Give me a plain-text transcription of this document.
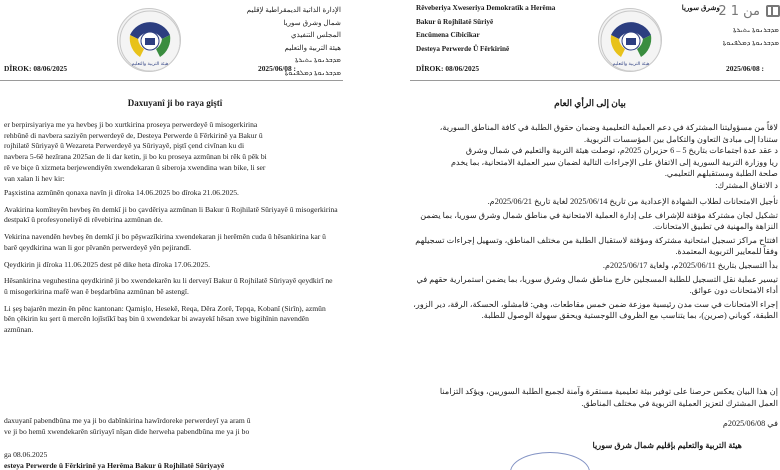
الإدارة الذاتية الديمقراطية لإقليم شمال وشرق سوريا
المجلس التنفيذي
هيئة التربية والتعليم
ܡܕܒܪܢܘܬܐ ܝܬܝܪܬܐ
ܡܕܒܪܢܘܬܐ ܕܡܠܦܢܘܬܐ
هيئة التربية والتعليم
DÎROK: 08/06/2025	2025/06/08 :
Daxuyanî ji bo raya giştî
er berpirsiyariya me ya hevbeş ji bo xurtkirina proseya perwerdeyê û misogerkirina
rehbûnê di navbera saziyên perwerdeyê de, Desteya Perwerde û Fêrkirinê ya Bakur û
rojhilatê Sûriyayê û Wezareta Perwerdeyê ya Sûriyayê, piştî çend civînan ku di
navbera 5-6ê hezîrana 2025an de li dar ketin, ji bo ku proseya azmûnan bi rêk û pêk bi
rê ve biçe û xizmeta berjewendiyên xwendekaran û siberoja xwendina wan bike, li ser
van xalan li hev kir:
Paşxistina azmûnên qonaxa navîn ji dîroka 14.06.2025 bo dîroka 21.06.2025.
Avakirina komîteyên hevbeş ên demkî ji bo çavdêriya azmûnan li Bakur û Rojhilatê Sûriyayê û misogerkirina destpakî û profesyoneliyê di rêvebirina azmûnan de.
Vekirina navendên hevbeş ên demkî ji bo pêşwazîkirina xwendekaran ji herêmên cuda û hêsankirina kar û barê qeydkirina wan li gor pîvanên perwerdeyê yên pejirandî.
Qeydkirin ji dîroka 11.06.2025 dest pê dike heta dîroka 17.06.2025.
Hêsankirina veguhestina qeydkirinê ji bo xwendekarên ku li derveyî Bakur û Rojhilatê Sûriyayê qeydkirî ne û misogerkirina mafê wan ê beşdarbûna azmûnan bê astengî.
Li şeş bajarên mezin ên pênc kantonan: Qamişlo, Hesekê, Reqa, Dêra Zorê, Tepqa, Kobanî (Sirîn), azmûn bên çêkirin ku şert û mercên lojîstîkî baş bin û xwendekar bi awayekî hêsan xwe bigihînin navendên azmûnan.
daxuyanî pabendbûna me ya ji bo dabînkirina hawîrdoreke perwerdeyî ya aram û
ve ji bo hemû xwendekarên sûriyayî nîşan dide herweha pabendbûna me ya ji bo
ga 08.06.2025
esteya Perwerde û Fêrkirinê ya Herêma Bakur û Rojhilatê Sûriyayê
Rêveberiya Xweseriya Demokratîk a Herêma
Bakur û Rojhilatê Sûriyê
Encûmena Cîbicîkar
Desteya Perwerde Û Fêrkirinê
هيئة التربية والتعليم
ܡܕܒܪܢܘܬܐ ܝܬܝܪܬܐ
ܡܕܒܪܢܘܬܐ ܕܡܠܦܢܘܬܐ
وشرق سوريا
2 من 1
DÎROK: 08/06/2025	2025/06/08 :
بيان إلى الرأي العام
لاقاً من مسؤوليتنا المشتركة في دعم العملية التعليمية وضمان حقوق الطلبة في كافة المناطق السورية،
ستنادا إلى مبادئ التعاون والتكامل بين المؤسسات التربوية.
د عقد عدة اجتماعات بتاريخ 5 – 6 حزيران 2025م، توصلت هيئة التربية والتعليم في شمال وشرق
ريا ووزارة التربية السورية إلى الاتفاق على الإجراءات التالية لضمان سير العملية الامتحانية، بما يخدم
صلحة الطلبة ومستقبلهم التعليمي.
د الاتفاق المشترك:
تأجيل الامتحانات لطلاب الشهادة الإعدادية من تاريخ 2025/06/14 لغاية تاريخ 2025/06/21م.
تشكيل لجان مشتركة مؤقتة للإشراف على إدارة العملية الامتحانية في مناطق شمال وشرق سوريا، بما يضمن النزاهة والمهنية في تطبيق الامتحانات.
افتتاح مراكز تسجيل امتحانية مشتركة ومؤقتة لاستقبال الطلبة من مختلف المناطق، وتسهيل إجراءات تسجيلهم وفقاً للمعايير التربوية المعتمدة.
بدأ التسجيل بتاريخ 2025/06/11م، ولغاية 2025/06/17م.
تيسير عملية نقل التسجيل للطلبة المسجلين خارج مناطق شمال وشرق سوريا، بما يضمن استمرارية حقهم في أداء الامتحانات دون عوائق.
إجراء الامتحانات في ست مدن رئيسية موزعة ضمن خمس مقاطعات، وهي: قامشلو، الحسكة، الرقة، دير الزور، الطبقة، كوباني (صرين)، بما يتناسب مع الظروف اللوجستية ويحقق سهولة الوصول للطلبة.
إن هذا البيان يعكس حرصنا على توفير بيئة تعليمية مستقرة وآمنة لجميع الطلبة السوريين، ويؤكد التزامنا
العمل المشترك لتعزيز العملية التربوية في مختلف المناطق.
في 2025/06/08م
هيئة التربية والتعليم بإقليم شمال شرق سوريا
